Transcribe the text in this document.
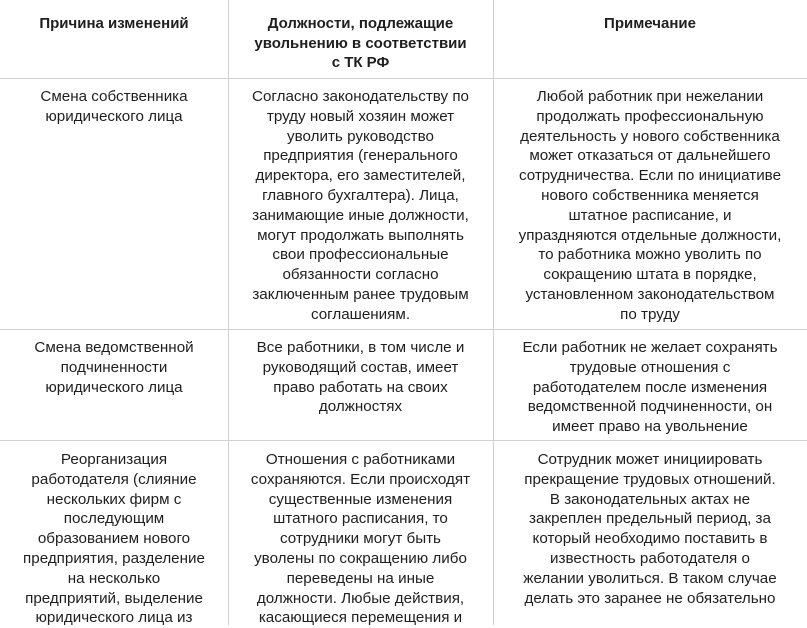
Причина изменений	Должности, подлежащие
увольнению в соответствии
с ТК РФ
Примечание
Смена собственника
юридического лица
Согласно законодательству по
труду новый хозяин может
уволить руководство
предприятия (генерального
директора, его заместителей,
главного бухгалтера). Лица,
занимающие иные должности,
могут продолжать выполнять
свои профессиональные
обязанности согласно
заключенным ранее трудовым
соглашениям.
Любой работник при нежелании
продолжать профессиональную
деятельность у нового собственника
может отказаться от дальнейшего
сотрудничества. Если по инициативе
нового собственника меняется
штатное расписание, и
упраздняются отдельные должности,
то работника можно уволить по
сокращению штата в порядке,
установленном законодательством
по труду
Смена ведомственной
подчиненности
юридического лица
Все работники, в том числе и
руководящий состав, имеет
право работать на своих
должностях
Если работник не желает сохранять
трудовые отношения с
работодателем после изменения
ведомственной подчиненности, он
имеет право на увольнение
Реорганизация
работодателя (слияние
нескольких фирм с
последующим
образованием нового
предприятия, разделение
на несколько
предприятий, выделение
юридического лица из
Отношения с работниками
сохраняются. Если происходят
существенные изменения
штатного расписания, то
сотрудники могут быть
уволены по сокращению либо
переведены на иные
должности. Любые действия,
касающиеся перемещения и
Сотрудник может инициировать
прекращение трудовых отношений.
В законодательных актах не
закреплен предельный период, за
который необходимо поставить в
известность работодателя о
желании уволиться. В таком случае
делать это заранее не обязательно
